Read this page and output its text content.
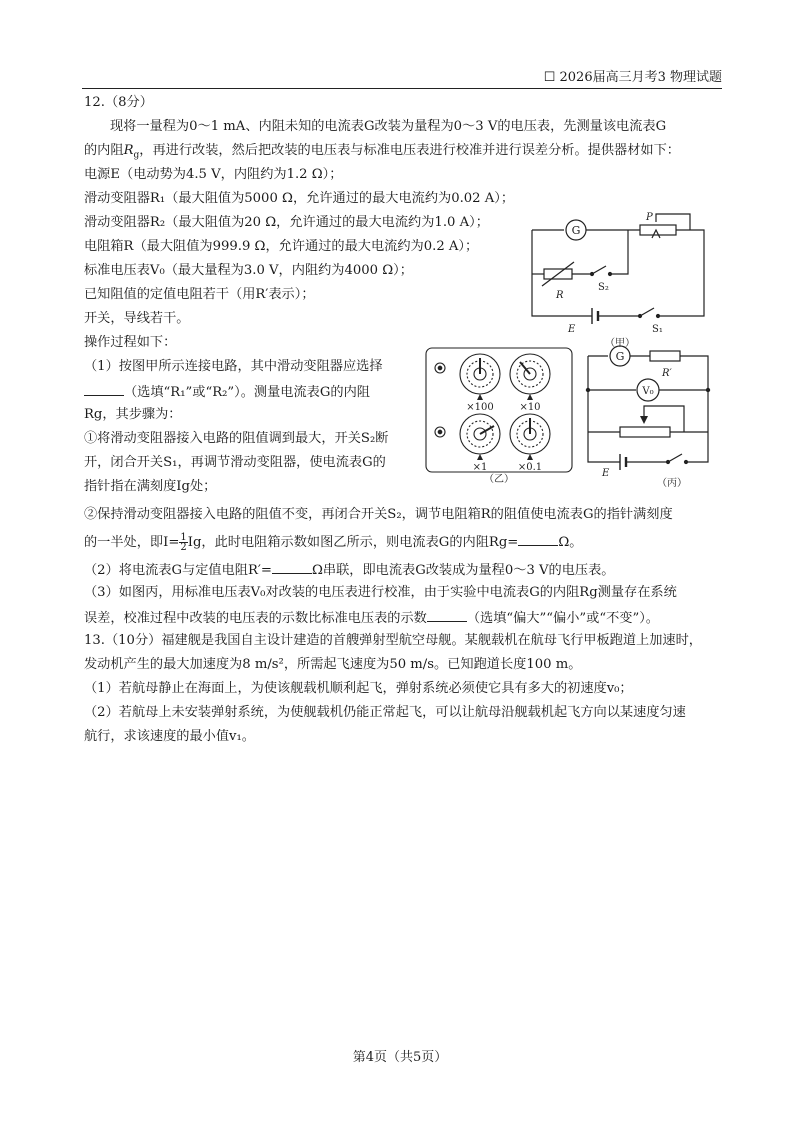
☐ 2026届高三月考3 物理试题
12.（8分）
现将一量程为0～1 mA、内阻未知的电流表G改装为量程为0～3 V的电压表，先测量该电流表G
的内阻$R_g$，再进行改装，然后把改装的电压表与标准电压表进行校准并进行误差分析。提供器材如下：
电源E（电动势为4.5 V，内阻约为1.2 Ω）；
滑动变阻器R₁（最大阻值为5000 Ω，允许通过的最大电流约为0.02 A）；
滑动变阻器R₂（最大阻值为20 Ω，允许通过的最大电流约为1.0 A）；
电阻箱R（最大阻值为999.9 Ω，允许通过的最大电流约为0.2 A）；
标准电压表V₀（最大量程为3.0 V，内阻约为4000 Ω）；
已知阻值的定值电阻若干（用R′表示）；
开关，导线若干。
操作过程如下：
（1）按图甲所示连接电路，其中滑动变阻器应选择
（选填“R₁”或“R₂”）。测量电流表G的内阻
Rg，其步骤为：
①将滑动变阻器接入电路的阻值调到最大，开关S₂断
开，闭合开关S₁，再调节滑动变阻器，使电流表G的
指针指在满刻度Ig处；
②保持滑动变阻器接入电路的阻值不变，再闭合开关S₂，调节电阻箱R的阻值使电流表G的指针满刻度
的一半处，即$I= \frac{1}{2}$ Ig，此时电阻箱示数如图乙所示，则电流表G的内阻Rg=	Ω。
（2）将电流表G与定值电阻R′=	Ω串联，即电流表G改装成为量程0～3 V的电压表。
（3）如图丙，用标准电压表V₀对改装的电压表进行校准，由于实验中电流表G的内阻Rg测量存在系统
误差，校准过程中改装的电压表的示数比标准电压表的示数	（选填“偏大”“偏小”或“不变”）。
13.（10分）福建舰是我国自主设计建造的首艘弹射型航空母舰。某舰载机在航母飞行甲板跑道上加速时，
发动机产生的最大加速度为8 m/s²，所需起飞速度为50 m/s。已知跑道长度100 m。
（1）若航母静止在海面上，为使该舰载机顺利起飞，弹射系统必须使它具有多大的初速度v₀；
（2）若航母上未安装弹射系统，为使舰载机仍能正常起飞，可以让航母沿舰载机起飞方向以某速度匀速
航行，求该速度的最小值v₁。
G
P
R
S₂
E	S₁
（甲）
×100	×10
×1	×0.1
（乙）
G
R′
V₀
E
（丙）
第4页（共5页）
